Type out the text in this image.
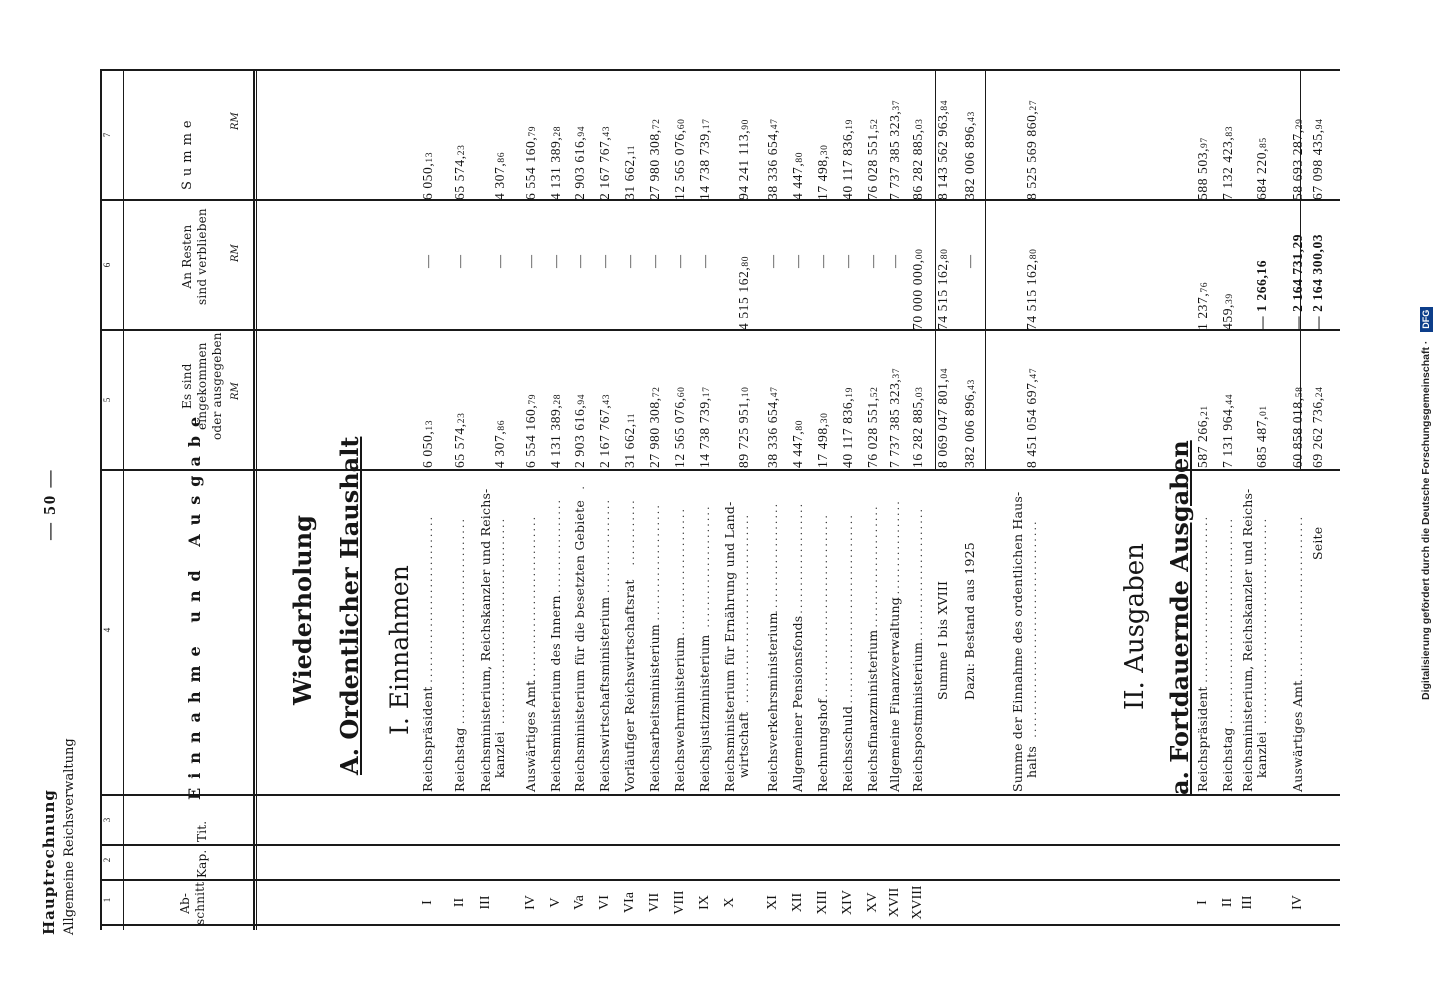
Hauptrechnung Allgemeine Reichsverwaltung
— 50 —
1
2
3
4
5
6
7
Ab-
schnitt
Kap.
Tit.
Einnahme und Ausgabe
Es sind
eingekommen
oder ausgegeben
An Resten
sind verblieben
Summe
RM
RM
RM
Wiederholung A. Ordentlicher Haushalt I. Einnahmen	II. Ausgaben a. Fortdauernde Ausgaben
I
Reichspräsident
..............................
6 050,13
—
6 050,13
II
Reichstag
.....................................
65 574,23
—
65 574,23
III
Reichsministerium, Reichskanzler und Reichs- kanzlei
.....................................
4 307,86
—
4 307,86
IV
Auswärtiges Amt
..............................
6 554 160,79
—
6 554 160,79
V
Reichsministerium des Innern
.................
4 131 389,28
—
4 131 389,28
Va
Reichsministerium für die besetzten Gebiete
.
2 903 616,94
—
2 903 616,94
VI
Reichswirtschaftsministerium
.................
2 167 767,43
—
2 167 767,43
VIa
Vorläufiger Reichswirtschaftsrat
............
31 662,11
—
31 662,11
VII
Reichsarbeitsministerium
.....................
27 980 308,72
—
27 980 308,72
VIII
Reichswehrministerium
........................
12 565 076,60
—
12 565 076,60
IX
Reichsjustizministerium
......................
14 738 739,17
—
14 738 739,17
X
Reichsministerium für Ernährung und Land- wirtschaft
..................................
89 725 951,10
4 515 162,80
94 241 113,90
XI
Reichsverkehrsministerium
....................
38 336 654,47
—
38 336 654,47
XII
Allgemeiner Pensionsfonds
....................
4 447,80
—
4 447,80
XIII
Rechnungshof
..................................
17 498,30
—
17 498,30
XIV
Reichsschuld
..................................
40 117 836,19
—
40 117 836,19
XV
Reichsfinanzministerium
......................
76 028 551,52
—
76 028 551,52
XVII
Allgemeine Finanzverwaltung
..................
7 737 385 323,37
—
7 737 385 323,37
XVIII
Reichspostministerium
........................
16 282 885,03
70 000 000,00
86 282 885,03
Summe I bis XVIII
8 069 047 801,04
74 515 162,80
8 143 562 963,84
Dazu: Bestand aus 1925
382 006 896,43
—
382 006 896,43
Summe der Einnahme des ordentlichen Haus- halts
.......................................
8 451 054 697,47
74 515 162,80
8 525 569 860,27
I
Reichspräsident
..............................
587 266,21
1 237,76
588 503,97
II
Reichstag
.....................................
7 131 964,44
459,39
7 132 423,83
III
Reichsministerium, Reichskanzler und Reichs- kanzlei
.....................................
685 487,01
— 1 266,16
684 220,85
IV
Auswärtiges Amt
..............................
60 858 018,58
— 2 164 731,29
58 693 287,29
Seite
69 262 736,24
— 2 164 300,03
67 098 435,94
Digitalisierung gefördert durch die Deutsche Forschungsgemeinschaft · DFG
